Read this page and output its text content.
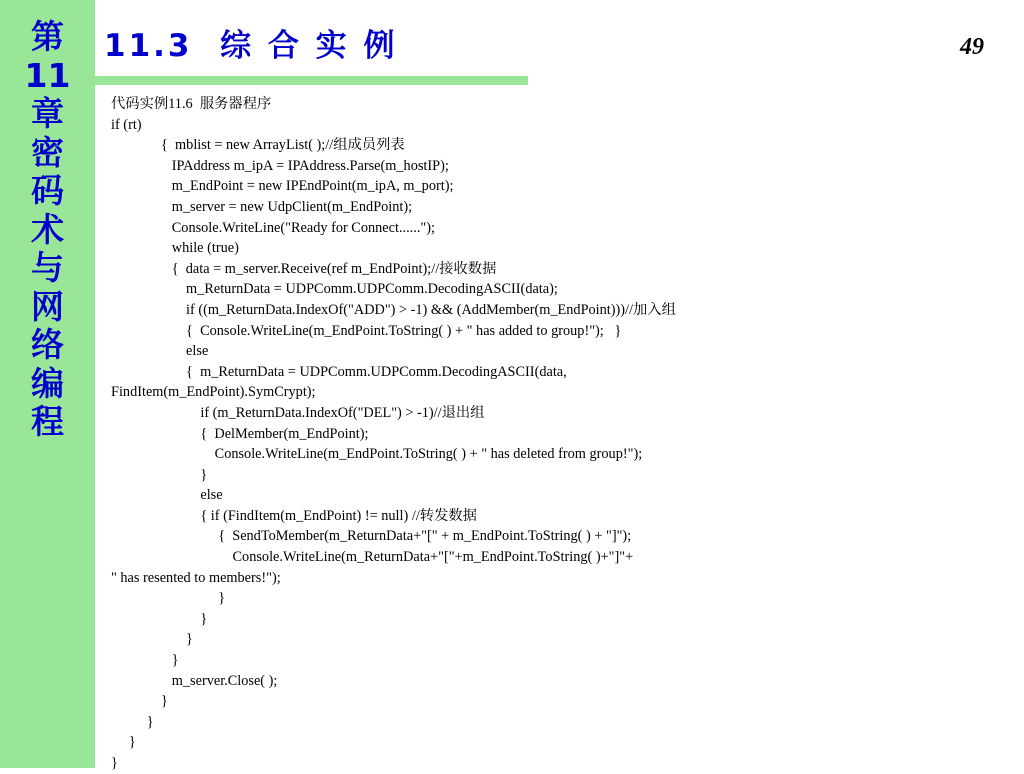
第
11
章
密
码
术
与
网
络
编
程
11.3  综 合 实 例	49
代码实例11.6  服务器程序
if (rt)
{  mblist = new ArrayList( );//组成员列表
IPAddress m_ipA = IPAddress.Parse(m_hostIP);
m_EndPoint = new IPEndPoint(m_ipA, m_port);
m_server = new UdpClient(m_EndPoint);
Console.WriteLine("Ready for Connect......");
while (true)
{  data = m_server.Receive(ref m_EndPoint);//接收数据
m_ReturnData = UDPComm.UDPComm.DecodingASCII(data);
if ((m_ReturnData.IndexOf("ADD") > -1) && (AddMember(m_EndPoint)))//加入组
{  Console.WriteLine(m_EndPoint.ToString( ) + " has added to group!");   }
else
{  m_ReturnData = UDPComm.UDPComm.DecodingASCII(data,
FindItem(m_EndPoint).SymCrypt);
if (m_ReturnData.IndexOf("DEL") > -1)//退出组
{  DelMember(m_EndPoint);
Console.WriteLine(m_EndPoint.ToString( ) + " has deleted from group!");
}
else
{ if (FindItem(m_EndPoint) != null) //转发数据
{  SendToMember(m_ReturnData+"[" + m_EndPoint.ToString( ) + "]");
Console.WriteLine(m_ReturnData+"["+m_EndPoint.ToString( )+"]"+
" has resented to members!");
}
}
}
}
m_server.Close( );
}
}
}
}
